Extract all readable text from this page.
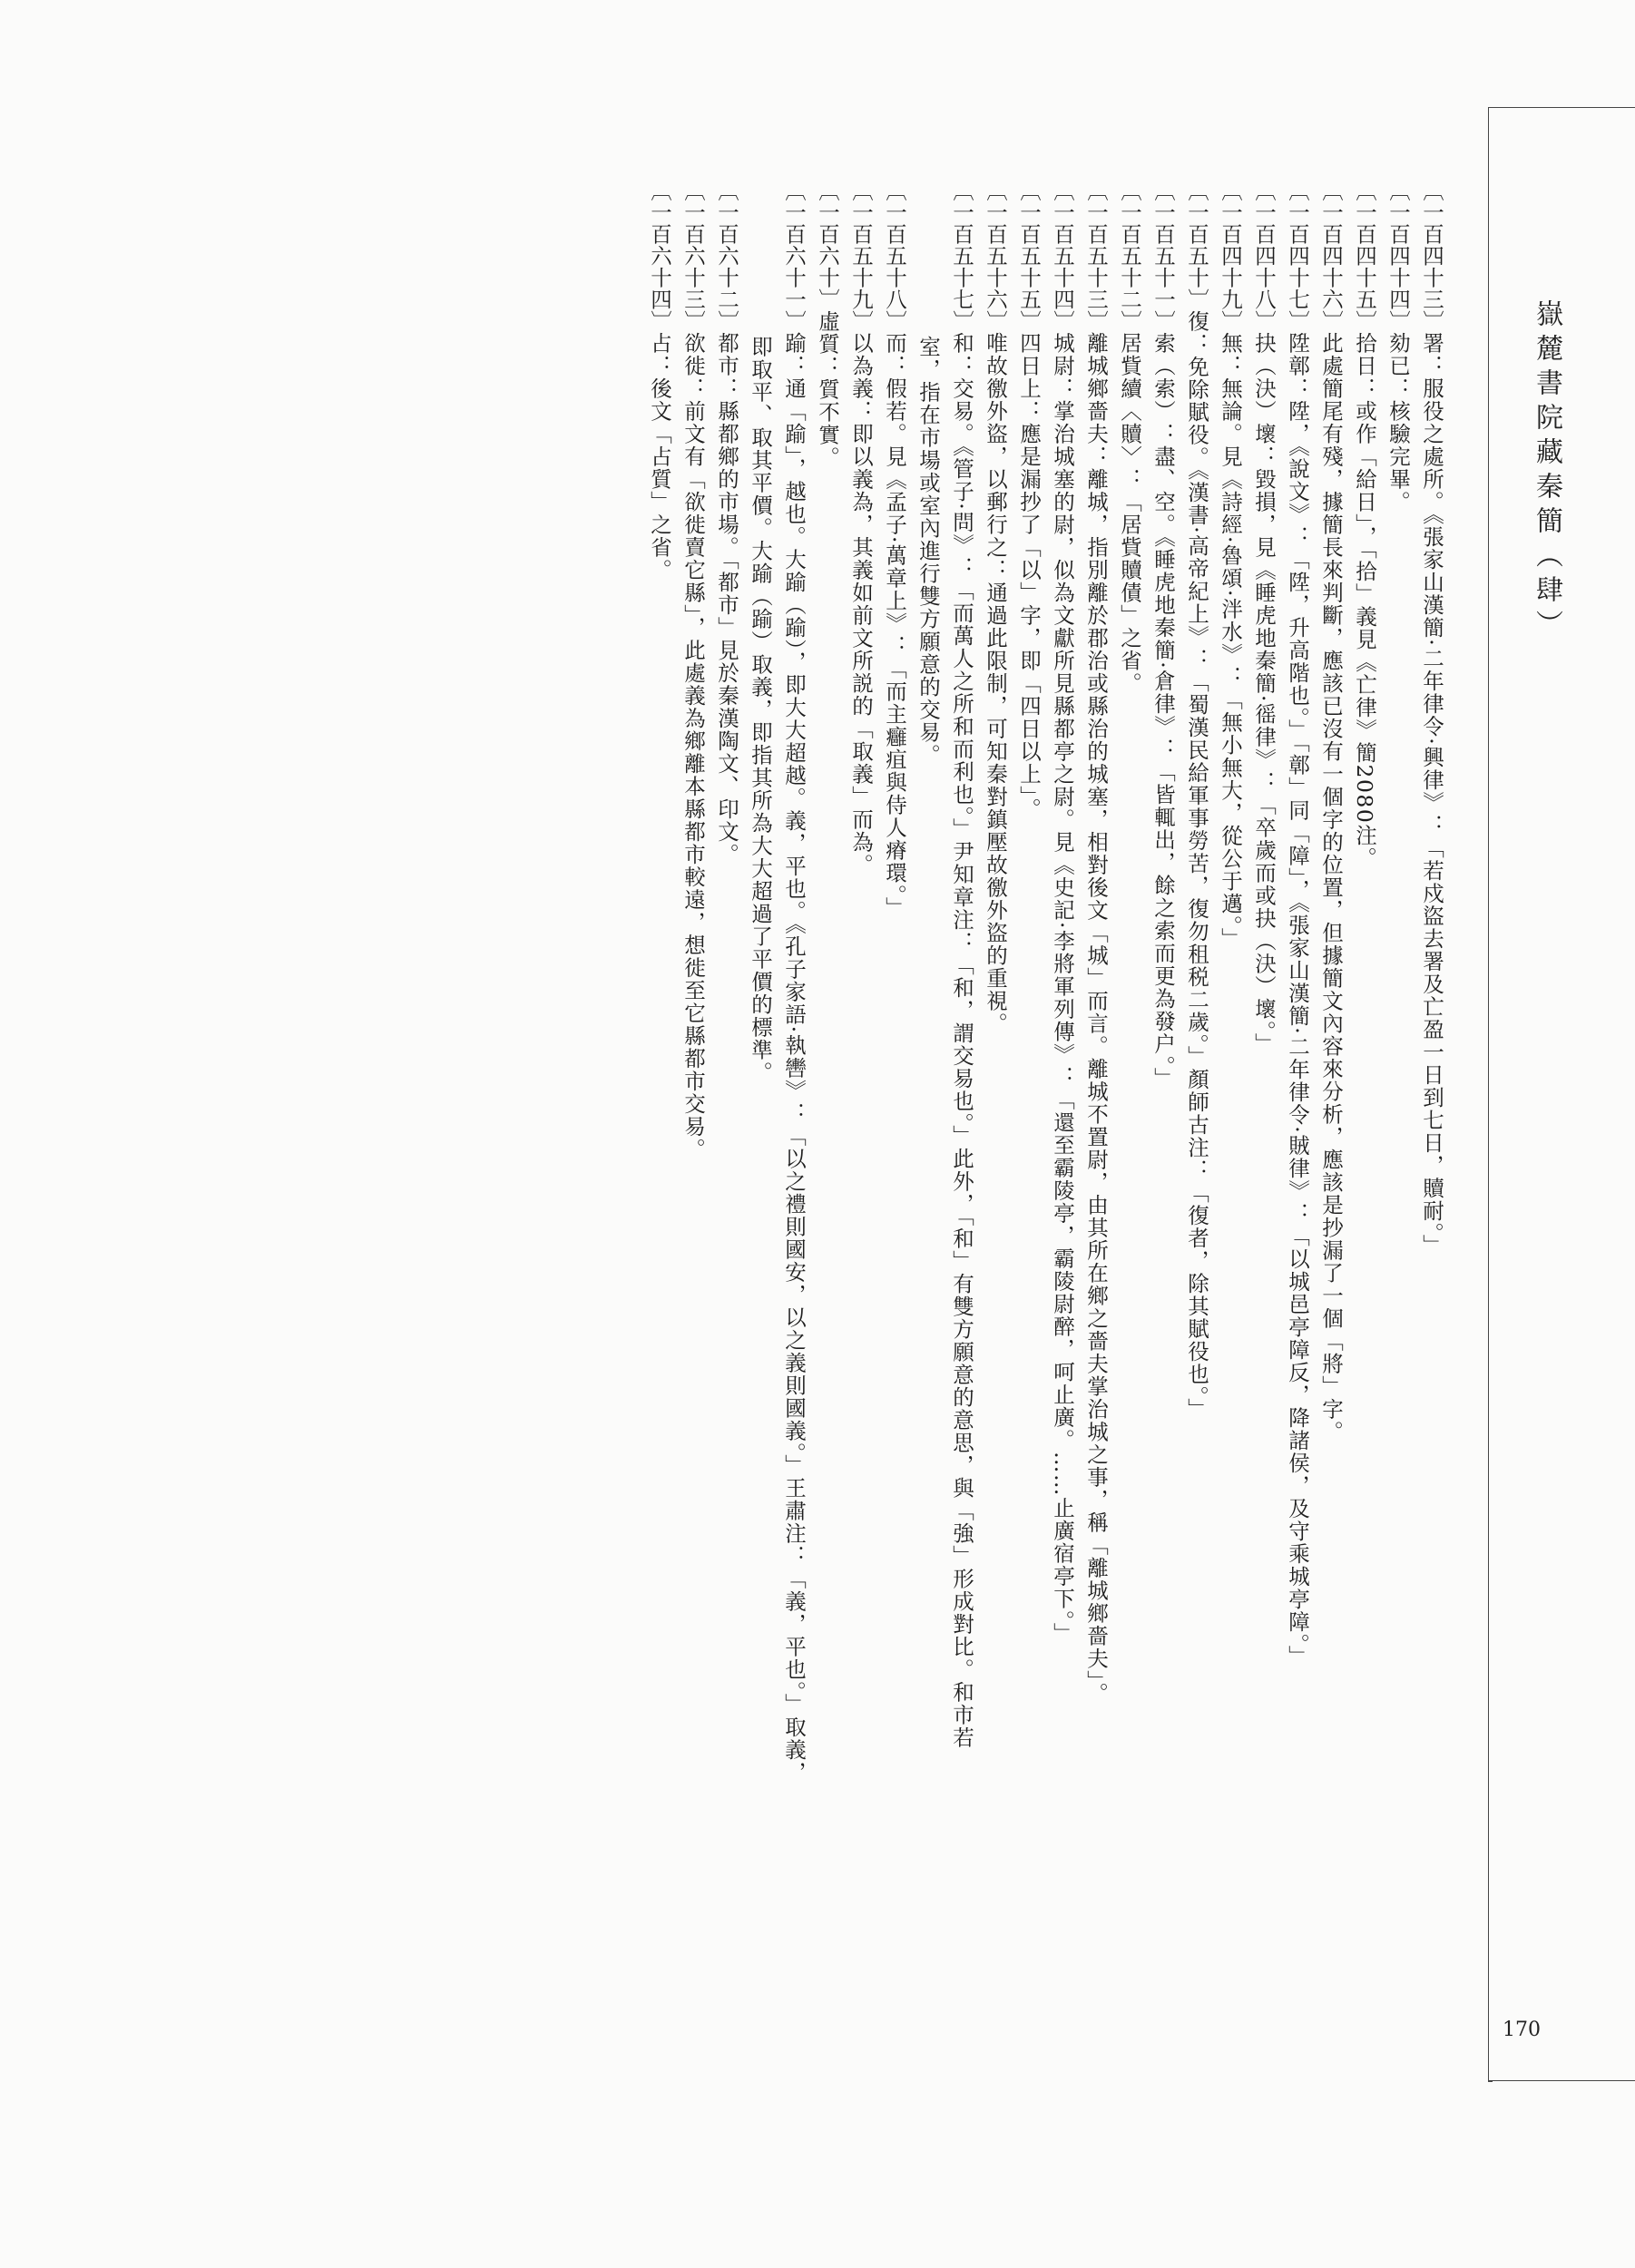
嶽麓書院藏秦簡（肆）
170
〔一百四十三〕署：服役之處所。《張家山漢簡·二年律令·興律》：「若戍盜去署及亡盈一日到七日，贖耐。」
〔一百四十四〕劾已：核驗完畢。
〔一百四十五〕拾日：或作「給日」，「拾」義見《亡律》簡2080注。
〔一百四十六〕此處簡尾有殘，據簡長來判斷，應該已沒有一個字的位置，但據簡文內容來分析，應該是抄漏了一個「將」字。
〔一百四十七〕陞鄣：陞，《說文》：「陞，升高階也。」「鄣」同「障」，《張家山漢簡·二年律令·賊律》：「以城邑亭障反，降諸侯，及守乘城亭障。」
〔一百四十八〕抉（決）壞：毀損，見《睡虎地秦簡·徭律》：「卒歲而或抉（決）壞。」
〔一百四十九〕無：無論。見《詩經·魯頌·泮水》：「無小無大，從公于邁。」
〔一百五十〕復：免除賦役。《漢書·高帝紀上》：「蜀漢民給軍事勞苦，復勿租税二歲。」顏師古注：「復者，除其賦役也。」
〔一百五十一〕索（索）：盡、空。《睡虎地秦簡·倉律》：「皆輒出，餘之索而更為發户。」
〔一百五十二〕居貲續〈贖〉：「居貲贖債」之省。
〔一百五十三〕離城鄉嗇夫：離城，指別離於郡治或縣治的城塞，相對後文「城」而言。離城不置尉，由其所在鄉之嗇夫掌治城之事，稱「離城鄉嗇夫」。
〔一百五十四〕城尉：掌治城塞的尉，似為文獻所見縣都亭之尉。見《史記·李將軍列傳》：「還至霸陵亭，霸陵尉醉，呵止廣。……止廣宿亭下。」
〔一百五十五〕四日上：應是漏抄了「以」字，即「四日以上」。
〔一百五十六〕唯故徼外盜，以郵行之：通過此限制，可知秦對鎮壓故徼外盜的重視。
〔一百五十七〕和：交易。《管子·問》：「而萬人之所和而利也。」尹知章注：「和，謂交易也。」此外，「和」有雙方願意的意思，與「強」形成對比。和市若
室，指在市場或室內進行雙方願意的交易。
〔一百五十八〕而：假若。見《孟子·萬章上》：「而主癰疽與侍人瘠環。」
〔一百五十九〕以為義：即以義為，其義如前文所説的「取義」而為。
〔一百六十〕虛質：質不實。
〔一百六十一〕踰：通「踰」，越也。大踰（踰），即大大超越。義，平也。《孔子家語·執轡》：「以之禮則國安，以之義則國義。」王肅注：「義，平也。」取義，
即取平、取其平價。大踰（踰）取義，即指其所為大大超過了平價的標準。
〔一百六十二〕都市：縣都鄉的市場。「都市」見於秦漢陶文、印文。
〔一百六十三〕欲徙：前文有「欲徙賣它縣」，此處義為鄉離本縣都市較遠，想徙至它縣都市交易。
〔一百六十四〕占：後文「占質」之省。
